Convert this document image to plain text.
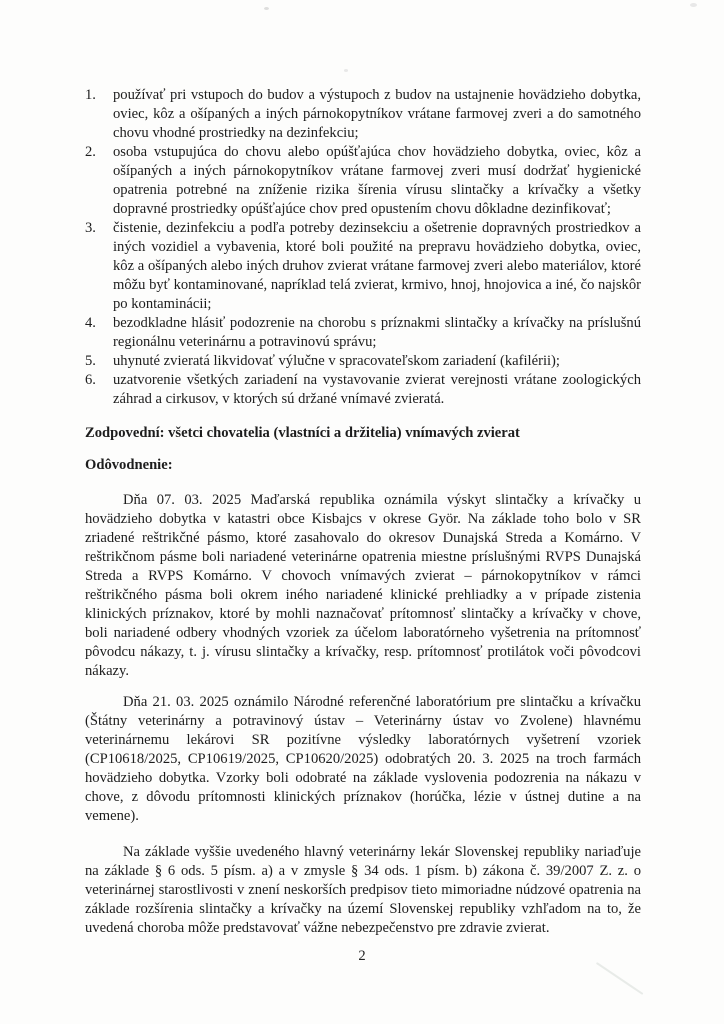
1.	používať pri vstupoch do budov a výstupoch z budov na ustajnenie hovädzieho dobytka, oviec, kôz a ošípaných a iných párnokopytníkov vrátane farmovej zveri a do samotného chovu vhodné prostriedky na dezinfekciu;
2.	osoba vstupujúca do chovu alebo opúšťajúca chov hovädzieho dobytka, oviec, kôz a ošípaných a iných párnokopytníkov vrátane farmovej zveri musí dodržať hygienické opatrenia potrebné na zníženie rizika šírenia vírusu slintačky a krívačky a všetky dopravné prostriedky opúšťajúce chov pred opustením chovu dôkladne dezinfikovať;
3.	čistenie, dezinfekciu a podľa potreby dezinsekciu a ošetrenie dopravných prostriedkov a iných vozidiel a vybavenia, ktoré boli použité na prepravu hovädzieho dobytka, oviec, kôz a ošípaných alebo iných druhov zvierat vrátane farmovej zveri alebo materiálov, ktoré môžu byť kontaminované, napríklad telá zvierat, krmivo, hnoj, hnojovica a iné, čo najskôr po kontaminácii;
4.	bezodkladne hlásiť podozrenie na chorobu s príznakmi slintačky a krívačky na príslušnú regionálnu veterinárnu a potravinovú správu;
5.	uhynuté zvieratá likvidovať výlučne v spracovateľskom zariadení (kafilérii);
6.	uzatvorenie všetkých zariadení na vystavovanie zvierat verejnosti vrátane zoologických záhrad a cirkusov, v ktorých sú držané vnímavé zvieratá.
Zodpovední: všetci chovatelia (vlastníci a držitelia) vnímavých zvierat
Odôvodnenie:

Dňa 07. 03. 2025 Maďarská republika oznámila výskyt slintačky a krívačky u hovädzieho dobytka v katastri obce Kisbajcs v okrese Györ. Na základe toho bolo v SR zriadené reštrikčné pásmo, ktoré zasahovalo do okresov Dunajská Streda a Komárno. V reštrikčnom pásme boli nariadené veterinárne opatrenia miestne príslušnými RVPS Dunajská Streda a RVPS Komárno. V chovoch vnímavých zvierat – párnokopytníkov v rámci reštrikčného pásma boli okrem iného nariadené klinické prehliadky a v prípade zistenia klinických príznakov, ktoré by mohli naznačovať prítomnosť slintačky a krívačky v chove, boli nariadené odbery vhodných vzoriek za účelom laboratórneho vyšetrenia na prítomnosť pôvodcu nákazy, t. j. vírusu slintačky a krívačky, resp. prítomnosť protilátok voči pôvodcovi nákazy.

Dňa 21. 03. 2025 oznámilo Národné referenčné laboratórium pre slintačku a krívačku (Štátny veterinárny a potravinový ústav – Veterinárny ústav vo Zvolene) hlavnému veterinárnemu lekárovi SR pozitívne výsledky laboratórnych vyšetrení vzoriek (CP10618/2025, CP10619/2025, CP10620/2025) odobratých 20. 3. 2025 na troch farmách hovädzieho dobytka. Vzorky boli odobraté na základe vyslovenia podozrenia na nákazu v chove, z dôvodu prítomnosti klinických príznakov (horúčka, lézie v ústnej dutine a na vemene).

Na základe vyššie uvedeného hlavný veterinárny lekár Slovenskej republiky nariaďuje na základe § 6 ods. 5 písm. a) a v zmysle § 34 ods. 1 písm. b) zákona č. 39/2007 Z. z. o veterinárnej starostlivosti v znení neskorších predpisov tieto mimoriadne núdzové opatrenia na základe rozšírenia slintačky a krívačky na území Slovenskej republiky vzhľadom na to, že uvedená choroba môže predstavovať vážne nebezpečenstvo pre zdravie zvierat.

2
